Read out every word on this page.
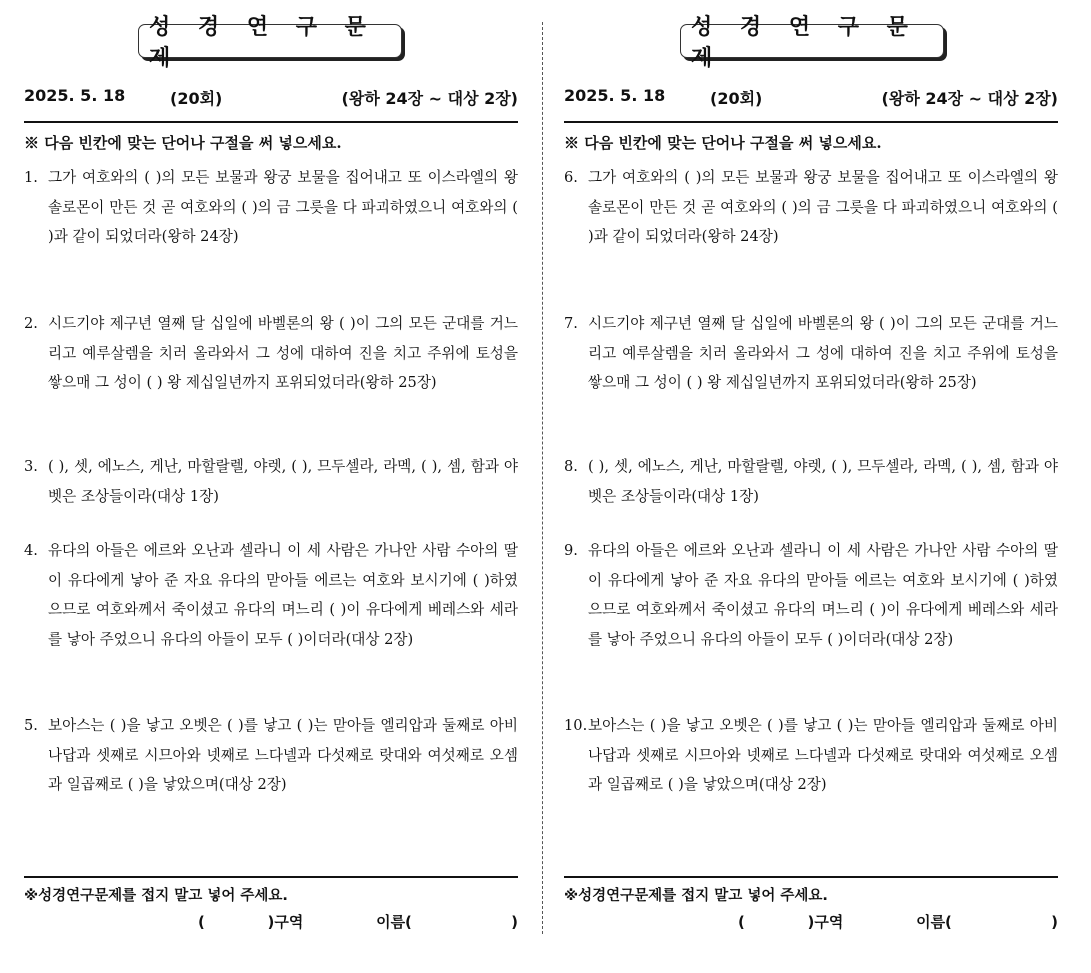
성 경 연 구 문 제
2025. 5. 18	(20회)	(왕하 24장 ~ 대상 2장)
※ 다음 빈칸에 맞는 단어나 구절을 써 넣으세요.
1. 그가 여호와의 ( )의 모든 보물과 왕궁 보물을 집어내고 또 이스라엘의 왕 솔로몬이 만든 것 곧 여호와의 ( )의 금 그릇을 다 파괴하였으니 여호와의 ( )과 같이 되었더라(왕하 24장)
2. 시드기야 제구년 열째 달 십일에 바벨론의 왕 ( )이 그의 모든 군대를 거느리고 예루살렘을 치러 올라와서 그 성에 대하여 진을 치고 주위에 토성을 쌓으매 그 성이 ( ) 왕 제십일년까지 포위되었더라(왕하 25장)
3. ( ), 셋, 에노스, 게난, 마할랄렐, 야렛, ( ), 므두셀라, 라멕, ( ), 셈, 함과 야벳은 조상들이라(대상 1장)
4. 유다의 아들은 에르와 오난과 셀라니 이 세 사람은 가나안 사람 수아의 딸이 유다에게 낳아 준 자요 유다의 맏아들 에르는 여호와 보시기에 ( )하였으므로 여호와께서 죽이셨고 유다의 며느리 ( )이 유다에게 베레스와 세라를 낳아 주었으니 유다의 아들이 모두 ( )이더라(대상 2장)
5. 보아스는 ( )을 낳고 오벳은 ( )를 낳고 ( )는 맏아들 엘리압과 둘째로 아비나답과 셋째로 시므아와 넷째로 느다넬과 다섯째로 랏대와 여섯째로 오셈과 일곱째로 ( )을 낳았으며(대상 2장)
※성경연구문제를 접지 말고 넣어 주세요.
(            )구역	이름(                   )
성 경 연 구 문 제
2025. 5. 18	(20회)	(왕하 24장 ~ 대상 2장)
※ 다음 빈칸에 맞는 단어나 구절을 써 넣으세요.
6. 그가 여호와의 ( )의 모든 보물과 왕궁 보물을 집어내고 또 이스라엘의 왕 솔로몬이 만든 것 곧 여호와의 ( )의 금 그릇을 다 파괴하였으니 여호와의 ( )과 같이 되었더라(왕하 24장)
7. 시드기야 제구년 열째 달 십일에 바벨론의 왕 ( )이 그의 모든 군대를 거느리고 예루살렘을 치러 올라와서 그 성에 대하여 진을 치고 주위에 토성을 쌓으매 그 성이 ( ) 왕 제십일년까지 포위되었더라(왕하 25장)
8. ( ), 셋, 에노스, 게난, 마할랄렐, 야렛, ( ), 므두셀라, 라멕, ( ), 셈, 함과 야벳은 조상들이라(대상 1장)
9. 유다의 아들은 에르와 오난과 셀라니 이 세 사람은 가나안 사람 수아의 딸이 유다에게 낳아 준 자요 유다의 맏아들 에르는 여호와 보시기에 ( )하였으므로 여호와께서 죽이셨고 유다의 며느리 ( )이 유다에게 베레스와 세라를 낳아 주었으니 유다의 아들이 모두 ( )이더라(대상 2장)
10. 보아스는 ( )을 낳고 오벳은 ( )를 낳고 ( )는 맏아들 엘리압과 둘째로 아비나답과 셋째로 시므아와 넷째로 느다넬과 다섯째로 랏대와 여섯째로 오셈과 일곱째로 ( )을 낳았으며(대상 2장)
※성경연구문제를 접지 말고 넣어 주세요.
(            )구역	이름(                   )
